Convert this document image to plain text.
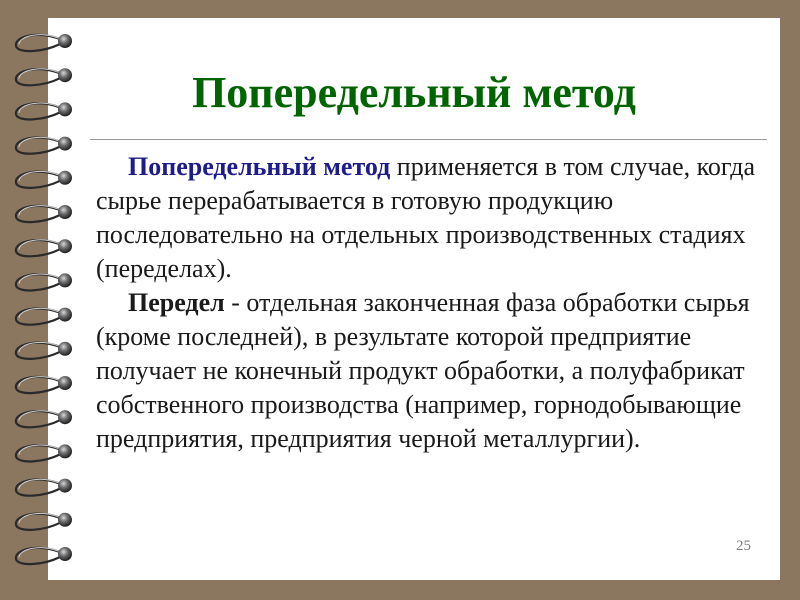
Попередельный метод

Попередельный метод применяется в том случае, когда сырье перерабатывается в готовую продукцию последовательно на отдельных производственных стадиях (переделах).

Передел - отдельная законченная фаза обработки сырья (кроме последней), в результате которой предприятие получает не конечный продукт обработки, а полуфабрикат собственного производства (например, горнодобывающие предприятия, предприятия черной металлургии).

25
